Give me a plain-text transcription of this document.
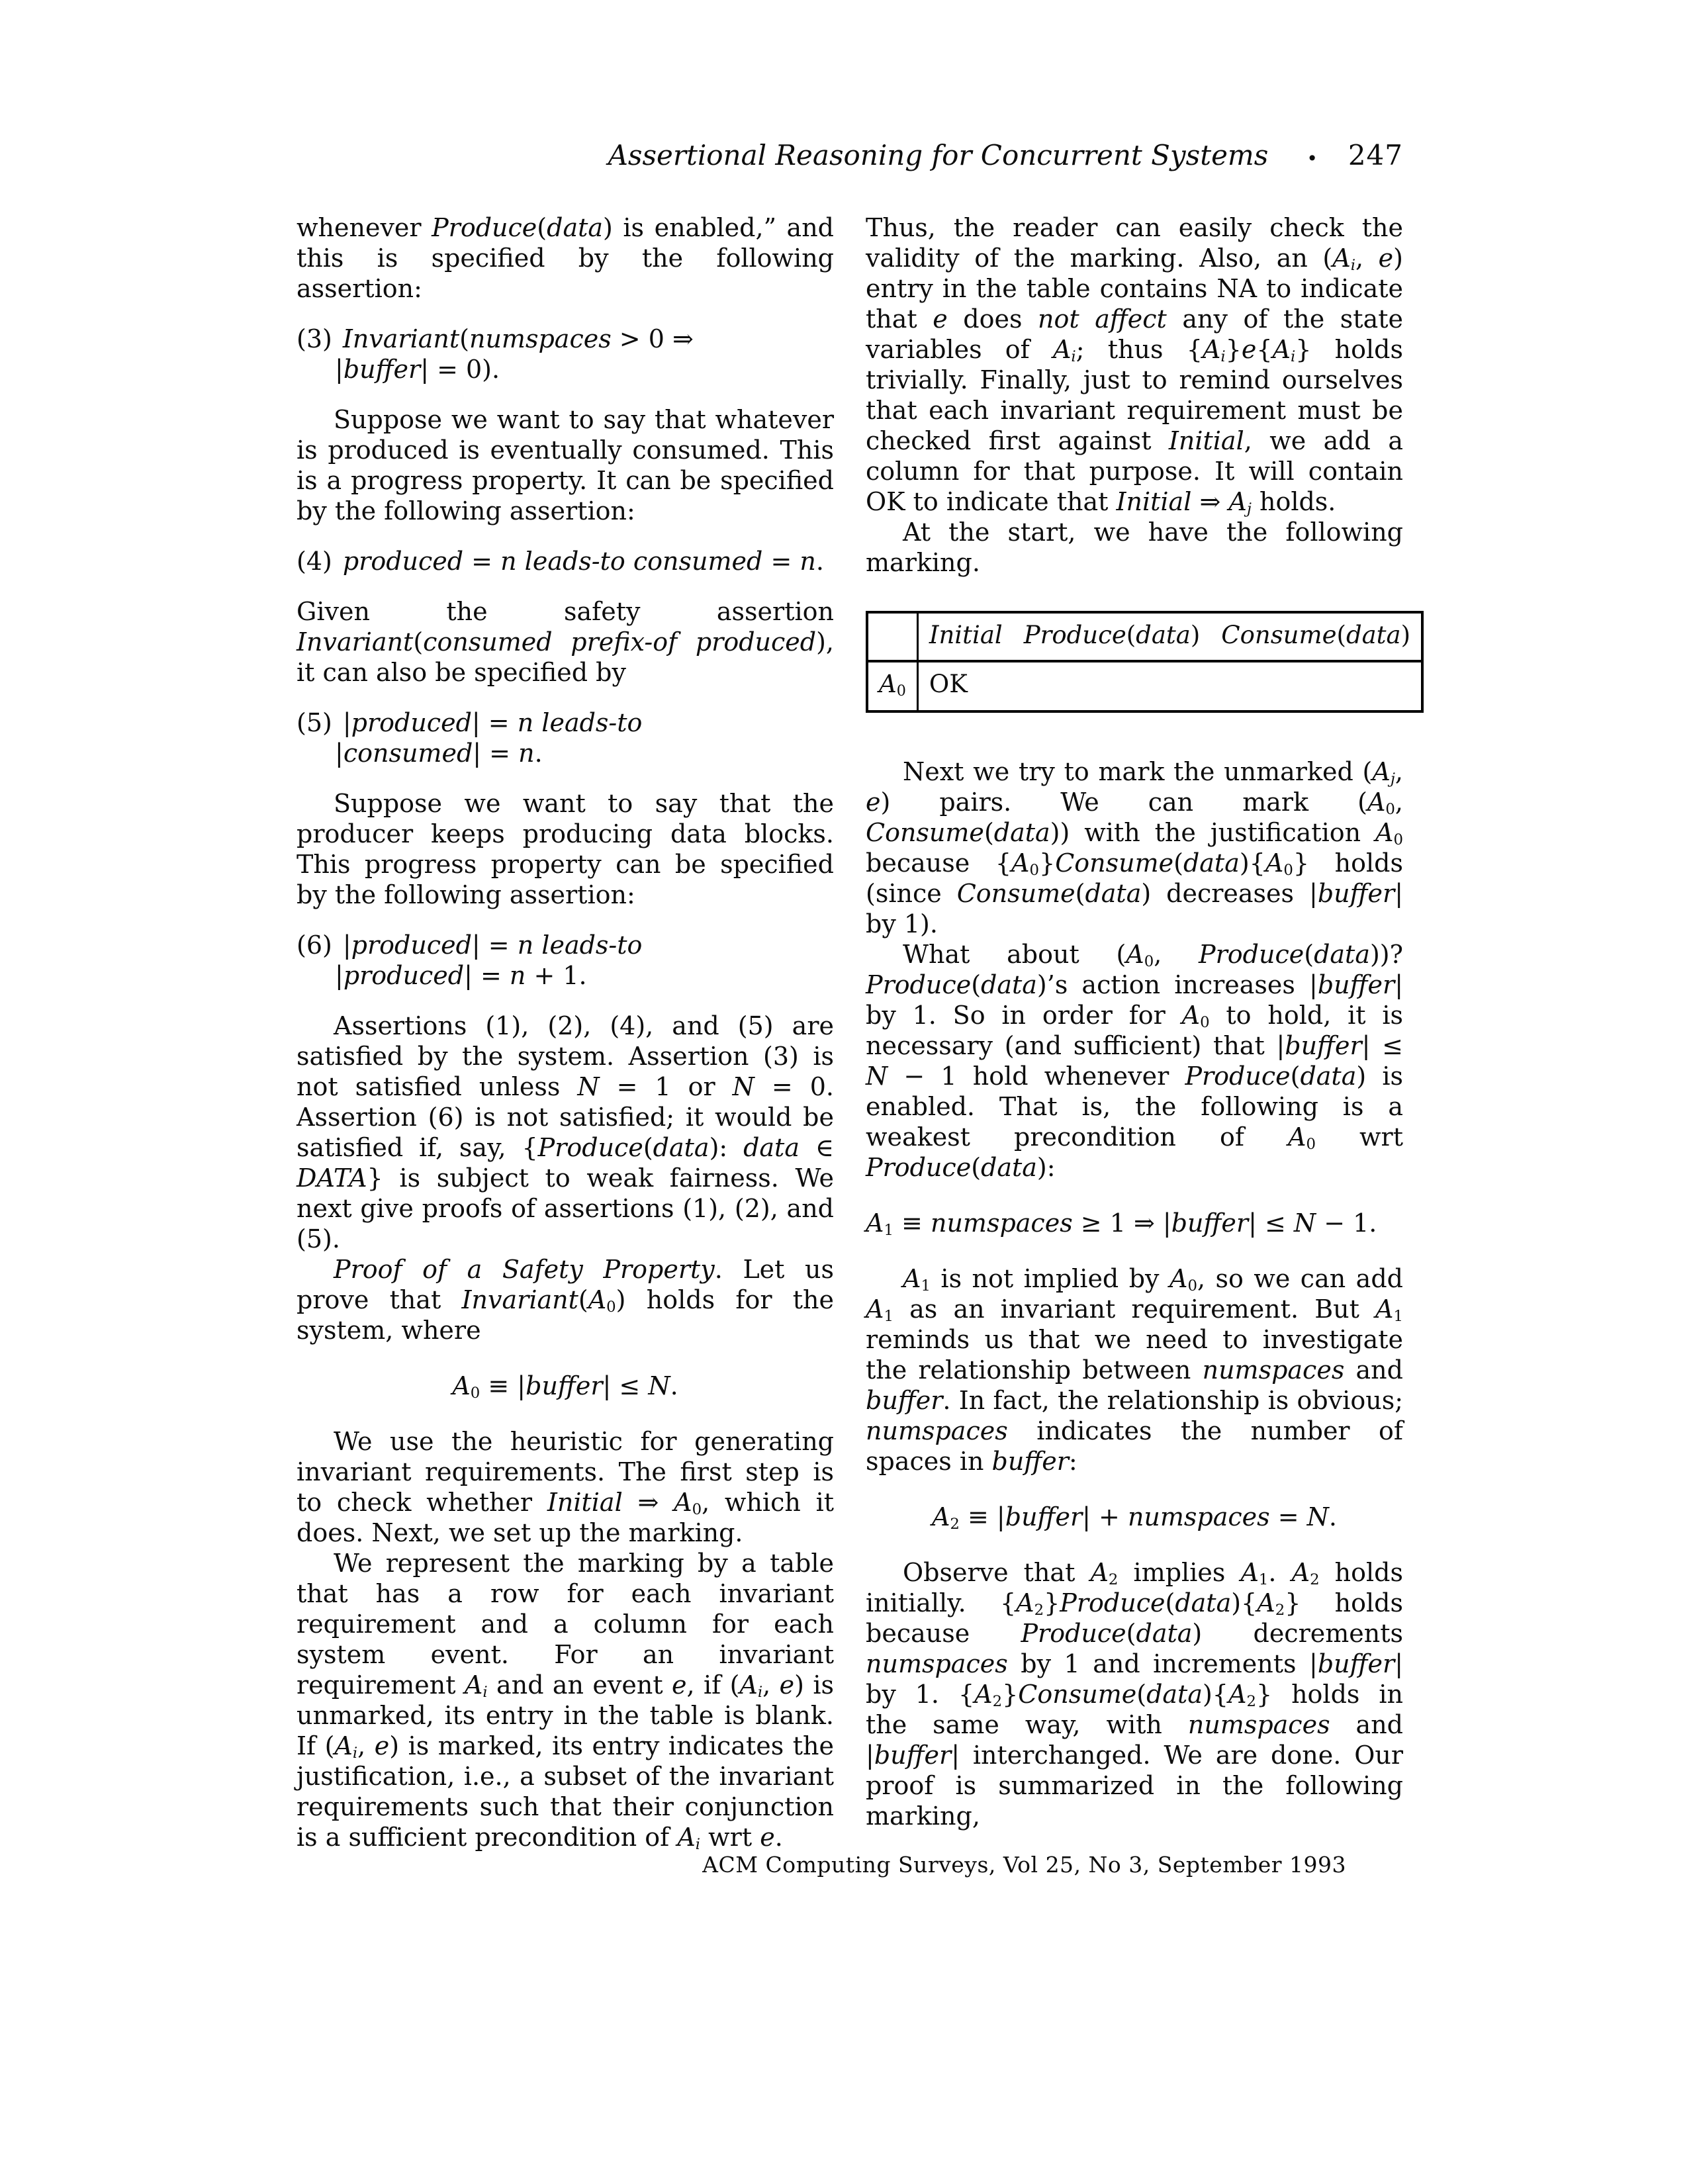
Assertional Reasoning for Concurrent Systems • 247

whenever Produce(data) is enabled,” and this is specified by the following assertion:

(3) Invariant(numspaces > 0 ⇒
|buffer| = 0).

Suppose we want to say that whatever is produced is eventually consumed. This is a progress property. It can be specified by the following assertion:

(4) produced = n leads-to consumed = n.

Given the safety assertion Invariant(consumed prefix-of produced), it can also be specified by

(5) |produced| = n leads-to
|consumed| = n.

Suppose we want to say that the producer keeps producing data blocks. This progress property can be specified by the following assertion:

(6) |produced| = n leads-to
|produced| = n + 1.

Assertions (1), (2), (4), and (5) are satisfied by the system. Assertion (3) is not satisfied unless N = 1 or N = 0. Assertion (6) is not satisfied; it would be satisfied if, say, {Produce(data): data ∈ DATA} is subject to weak fairness. We next give proofs of assertions (1), (2), and (5).

Proof of a Safety Property. Let us prove that $Invariant(A_0)$ holds for the system, where

$A_0$ ≡ |buffer| ≤ N.

We use the heuristic for generating invariant requirements. The first step is to check whether Initial ⇒ $A_0$, which it does. Next, we set up the marking.

We represent the marking by a table that has a row for each invariant requirement and a column for each system event. For an invariant requirement $A_i$ and an event e, if ($A_i$, e) is unmarked, its entry in the table is blank. If ($A_i$, e) is marked, its entry indicates the justification, i.e., a subset of the invariant requirements such that their conjunction is a sufficient precondition of $A_i$ wrt e.

Thus, the reader can easily check the validity of the marking. Also, an ($A_i$, e) entry in the table contains NA to indicate that e does not affect any of the state variables of $A_i$; thus $\{A_i\}e\{A_i\}$ holds trivially. Finally, just to remind ourselves that each invariant requirement must be checked first against Initial, we add a column for that purpose. It will contain OK to indicate that Initial ⇒ $A_j$ holds.

At the start, we have the following marking.

	Initial	Produce(data)	Consume(data)
$A_0$	OK		

Next we try to mark the unmarked ($A_j$, e) pairs. We can mark ($A_0$, Consume(data)) with the justification $A_0$ because $\{A_0\}Consume(data)\{A_0\}$ holds (since Consume(data) decreases |buffer| by 1).

What about ($A_0$, Produce(data))? Produce(data)’s action increases |buffer| by 1. So in order for $A_0$ to hold, it is necessary (and sufficient) that |buffer| ≤ N − 1 hold whenever Produce(data) is enabled. That is, the following is a weakest precondition of $A_0$ wrt Produce(data):

$A_1$ ≡ numspaces ≥ 1 ⇒ |buffer| ≤ N − 1.

$A_1$ is not implied by $A_0$, so we can add $A_1$ as an invariant requirement. But $A_1$ reminds us that we need to investigate the relationship between numspaces and buffer. In fact, the relationship is obvious; numspaces indicates the number of spaces in buffer:

$A_2$ ≡ |buffer| + numspaces = N.

Observe that $A_2$ implies $A_1$. $A_2$ holds initially. $\{A_2\}Produce(data)\{A_2\}$ holds because Produce(data) decrements numspaces by 1 and increments |buffer| by 1. $\{A_2\}Consume(data)\{A_2\}$ holds in the same way, with numspaces and |buffer| interchanged. We are done. Our proof is summarized in the following marking,

ACM Computing Surveys, Vol 25, No 3, September 1993
